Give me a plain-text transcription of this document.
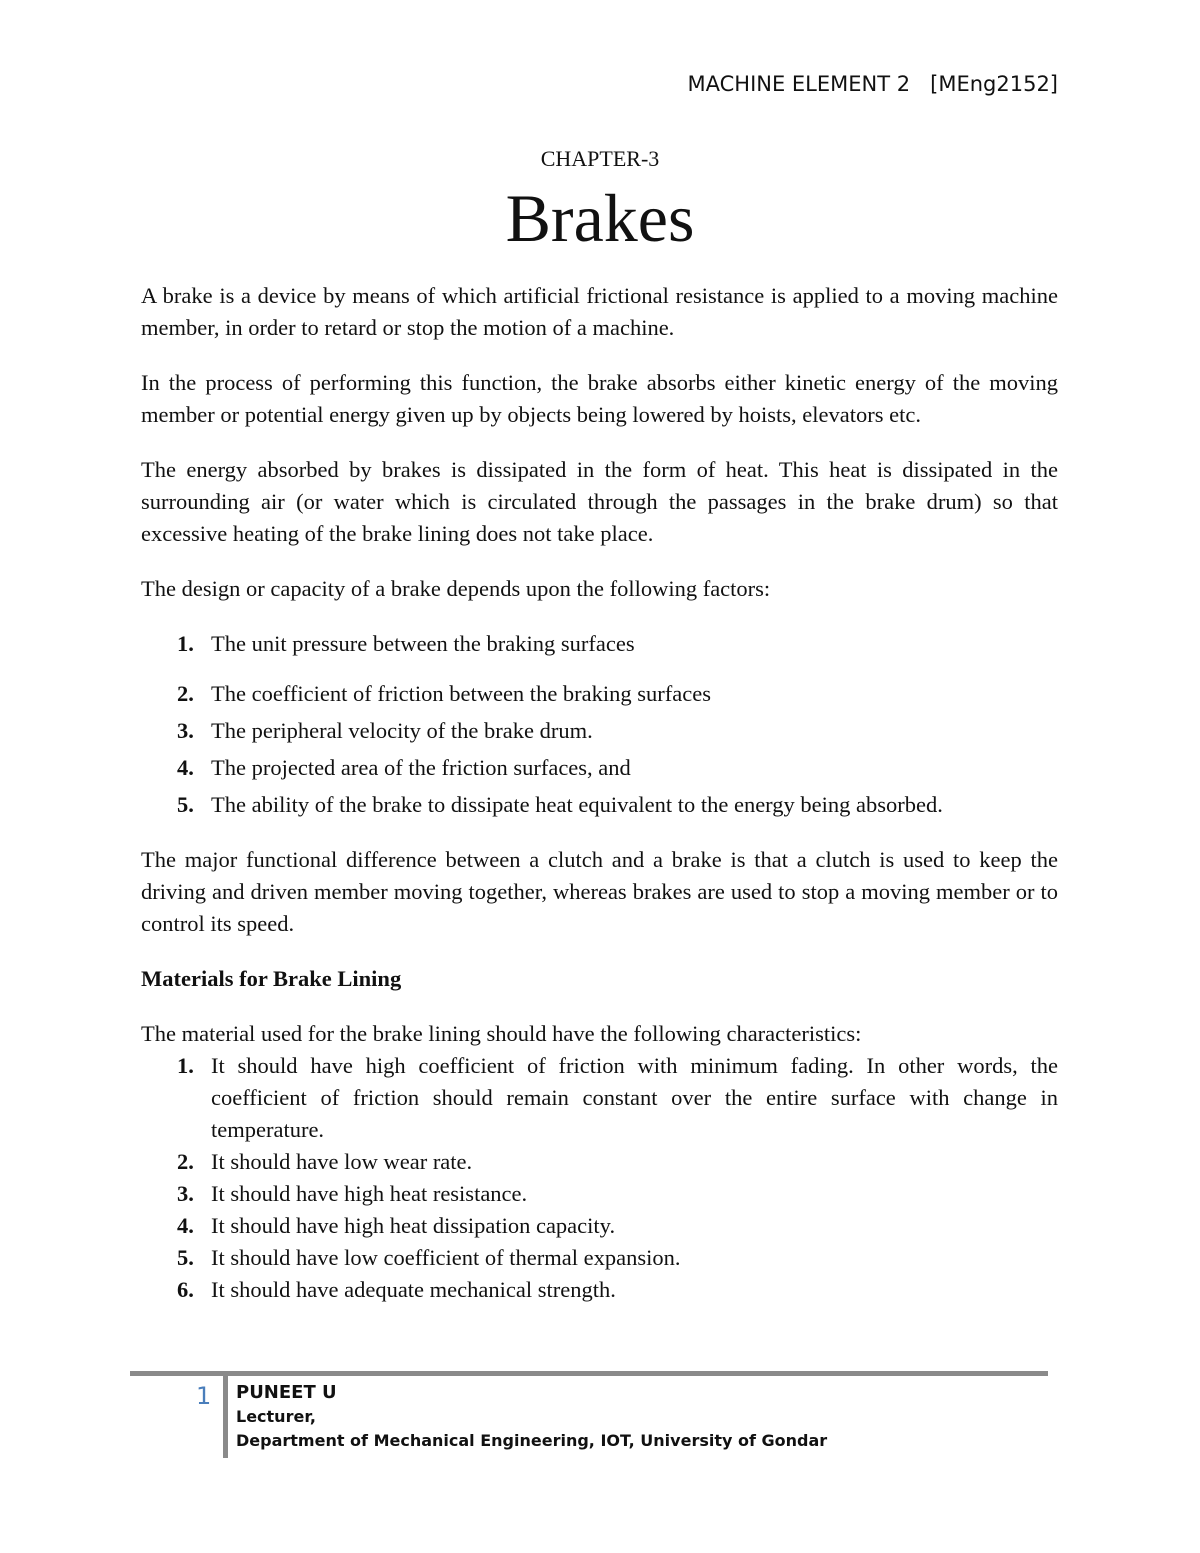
MACHINE ELEMENT 2   [MEng2152]
CHAPTER-3
Brakes

A brake is a device by means of which artificial frictional resistance is applied to a moving machine member, in order to retard or stop the motion of a machine.

In the process of performing this function, the brake absorbs either kinetic energy of the moving member or potential energy given up by objects being lowered by hoists, elevators etc.

The energy absorbed by brakes is dissipated in the form of heat. This heat is dissipated in the surrounding air (or water which is circulated through the passages in the brake drum) so that excessive heating of the brake lining does not take place.

The design or capacity of a brake depends upon the following factors:

1. The unit pressure between the braking surfaces
2. The coefficient of friction between the braking surfaces
3. The peripheral velocity of the brake drum.
4. The projected area of the friction surfaces, and
5. The ability of the brake to dissipate heat equivalent to the energy being absorbed.

The major functional difference between a clutch and a brake is that a clutch is used to keep the driving and driven member moving together, whereas brakes are used to stop a moving member or to control its speed.

Materials for Brake Lining

The material used for the brake lining should have the following characteristics:

1. It should have high coefficient of friction with minimum fading. In other words, the coefficient of friction should remain constant over the entire surface with change in temperature.
2. It should have low wear rate.
3. It should have high heat resistance.
4. It should have high heat dissipation capacity.
5. It should have low coefficient of thermal expansion.
6. It should have adequate mechanical strength.
1 PUNEET U
Lecturer,
Department of Mechanical Engineering, IOT, University of Gondar
